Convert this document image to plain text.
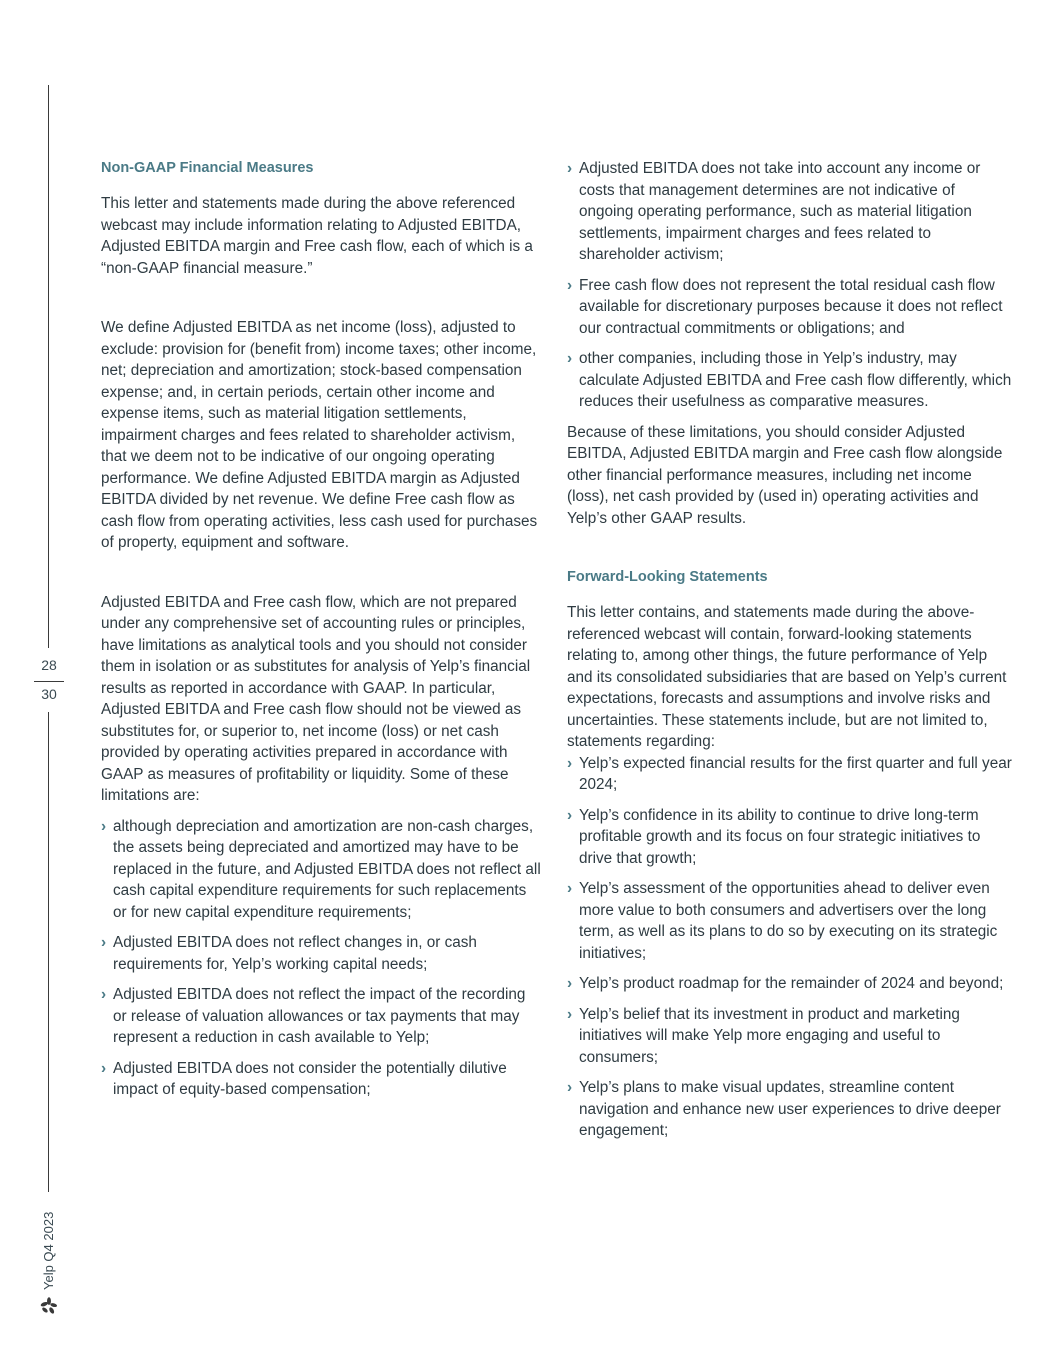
28
30
Yelp Q4 2023
Non-GAAP Financial Measures

This letter and statements made during the above referenced webcast may include information relating to Adjusted EBITDA, Adjusted EBITDA margin and Free cash flow, each of which is a “non-GAAP financial measure.”

We define Adjusted EBITDA as net income (loss), adjusted to exclude: provision for (benefit from) income taxes; other income, net; depreciation and amortization; stock-based compensation expense; and, in certain periods, certain other income and expense items, such as material litigation settlements, impairment charges and fees related to shareholder activism, that we deem not to be indicative of our ongoing operating performance. We define Adjusted EBITDA margin as Adjusted EBITDA divided by net revenue. We define Free cash flow as cash flow from operating activities, less cash used for purchases of property, equipment and software.

Adjusted EBITDA and Free cash flow, which are not prepared under any comprehensive set of accounting rules or principles, have limitations as analytical tools and you should not consider them in isolation or as substitutes for analysis of Yelp’s financial results as reported in accordance with GAAP. In particular, Adjusted EBITDA and Free cash flow should not be viewed as substitutes for, or superior to, net income (loss) or net cash provided by operating activities prepared in accordance with GAAP as measures of profitability or liquidity. Some of these limitations are:

› although depreciation and amortization are non-cash charges, the assets being depreciated and amortized may have to be replaced in the future, and Adjusted EBITDA does not reflect all cash capital expenditure requirements for such replacements or for new capital expenditure requirements;
› Adjusted EBITDA does not reflect changes in, or cash requirements for, Yelp’s working capital needs;
› Adjusted EBITDA does not reflect the impact of the recording or release of valuation allowances or tax payments that may represent a reduction in cash available to Yelp;
› Adjusted EBITDA does not consider the potentially dilutive impact of equity-based compensation;
› Adjusted EBITDA does not take into account any income or costs that management determines are not indicative of ongoing operating performance, such as material litigation settlements, impairment charges and fees related to shareholder activism;
› Free cash flow does not represent the total residual cash flow available for discretionary purposes because it does not reflect our contractual commitments or obligations; and
› other companies, including those in Yelp’s industry, may calculate Adjusted EBITDA and Free cash flow differently, which reduces their usefulness as comparative measures.

Because of these limitations, you should consider Adjusted EBITDA, Adjusted EBITDA margin and Free cash flow alongside other financial performance measures, including net income (loss), net cash provided by (used in) operating activities and Yelp’s other GAAP results.

Forward-Looking Statements

This letter contains, and statements made during the above-referenced webcast will contain, forward-looking statements relating to, among other things, the future performance of Yelp and its consolidated subsidiaries that are based on Yelp’s current expectations, forecasts and assumptions and involve risks and uncertainties. These statements include, but are not limited to, statements regarding:

› Yelp’s expected financial results for the first quarter and full year 2024;
› Yelp’s confidence in its ability to continue to drive long-term profitable growth and its focus on four strategic initiatives to drive that growth;
› Yelp’s assessment of the opportunities ahead to deliver even more value to both consumers and advertisers over the long term, as well as its plans to do so by executing on its strategic initiatives;
› Yelp’s product roadmap for the remainder of 2024 and beyond;
› Yelp’s belief that its investment in product and marketing initiatives will make Yelp more engaging and useful to consumers;
› Yelp’s plans to make visual updates, streamline content navigation and enhance new user experiences to drive deeper engagement;
